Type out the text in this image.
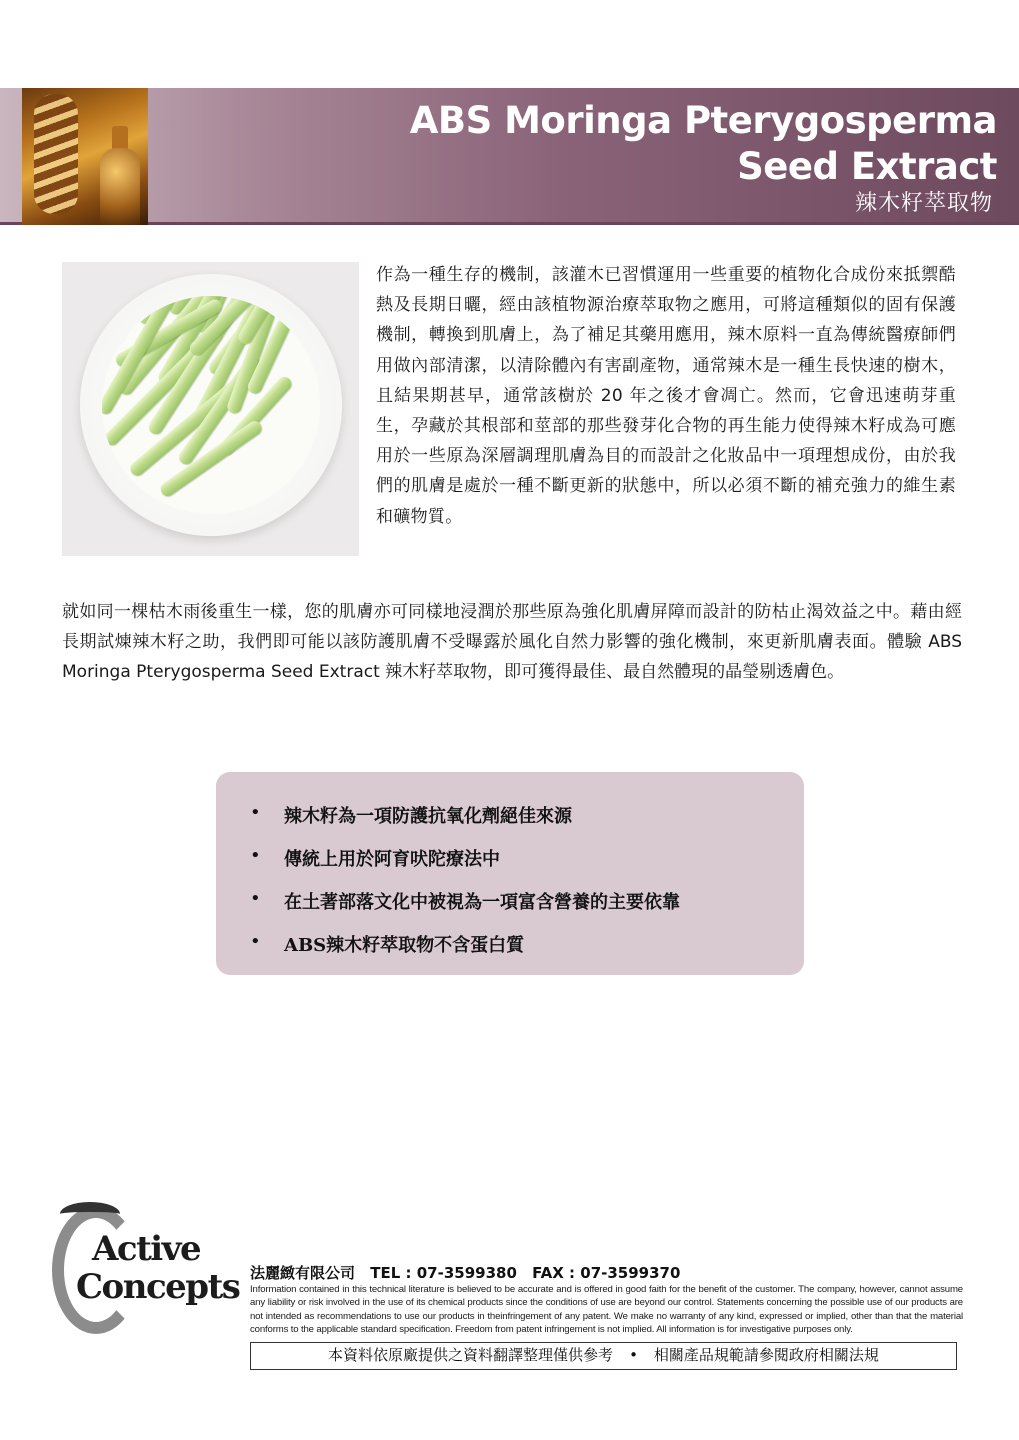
ABS Moringa Pterygosperma
Seed Extract
辣木籽萃取物
作為一種生存的機制，該灌木已習慣運用一些重要的植物化合成份來抵禦酷熱及長期日曬，經由該植物源治療萃取物之應用，可將這種類似的固有保護機制，轉換到肌膚上，為了補足其藥用應用，辣木原料一直為傳統醫療師們用做內部清潔，以清除體內有害副產物，通常辣木是一種生長快速的樹木，且結果期甚早，通常該樹於 20 年之後才會凋亡。然而，它會迅速萌芽重生，孕藏於其根部和莖部的那些發芽化合物的再生能力使得辣木籽成為可應用於一些原為深層調理肌膚為目的而設計之化妝品中一項理想成份，由於我們的肌膚是處於一種不斷更新的狀態中，所以必須不斷的補充強力的維生素和礦物質。
就如同一棵枯木雨後重生一樣，您的肌膚亦可同樣地浸潤於那些原為強化肌膚屏障而設計的防枯止渴效益之中。藉由經長期試煉辣木籽之助，我們即可能以該防護肌膚不受曝露於風化自然力影響的強化機制，來更新肌膚表面。體驗 ABS Moringa Pterygosperma Seed Extract 辣木籽萃取物，即可獲得最佳、最自然體現的晶瑩剔透膚色。
• 辣木籽為一項防護抗氧化劑絕佳來源
• 傳統上用於阿育吠陀療法中
• 在土著部落文化中被視為一項富含營養的主要依靠
• ABS辣木籽萃取物不含蛋白質
Active
Concepts 法麗緻有限公司 TEL : 07-3599380 FAX : 07-3599370
Information contained in this technical literature is believed to be accurate and is offered in good faith for the benefit of the customer. The company, however, cannot assume any liability or risk involved in the use of its chemical products since the conditions of use are beyond our control. Statements concerning the possible use of our products are not intended as recommendations to use our products in theinfringement of any patent. We make no warranty of any kind, expressed or implied, other than that the material conforms to the applicable standard specification. Freedom from patent infringement is not implied. All information is for investigative purposes only.
本資料依原廠提供之資料翻譯整理僅供參考 • 相關產品規範請參閱政府相關法規
